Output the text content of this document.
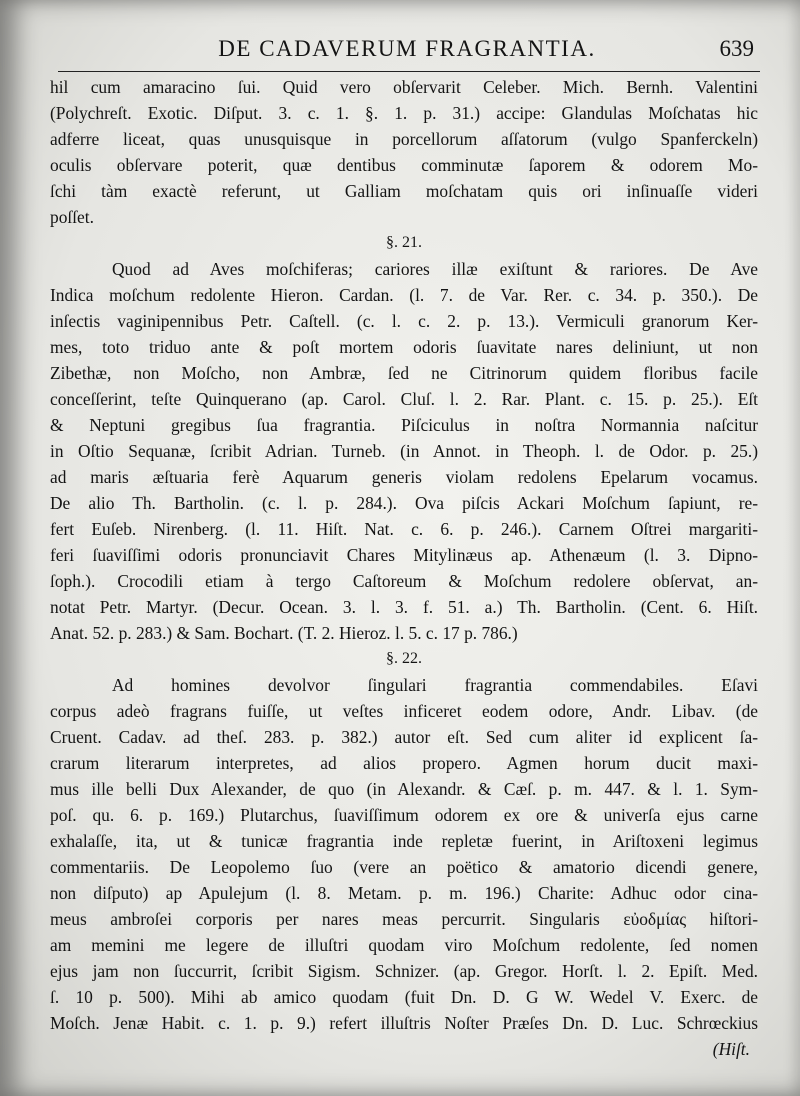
DE CADAVERUM FRAGRANTIA.	639
hil cum amaracino ſui. Quid vero obſervarit Celeber. Mich. Bernh. Valentini
(Polychreſt. Exotic. Diſput. 3. c. 1. §. 1. p. 31.) accipe: Glandulas Moſchatas hic
adferre liceat, quas unusquisque in porcellorum aſſatorum (vulgo Spanferckeln)
oculis obſervare poterit, quæ dentibus comminutæ ſaporem & odorem Mo-
ſchi tàm exactè referunt, ut Galliam moſchatam quis ori inſinuaſſe videri
poſſet.
§. 21.
Quod ad Aves moſchiferas; cariores illæ exiſtunt & rariores. De Ave
Indica moſchum redolente Hieron. Cardan. (l. 7. de Var. Rer. c. 34. p. 350.). De
inſectis vaginipennibus Petr. Caſtell. (c. l. c. 2. p. 13.). Vermiculi granorum Ker-
mes, toto triduo ante & poſt mortem odoris ſuavitate nares deliniunt, ut non
Zibethæ, non Moſcho, non Ambræ, ſed ne Citrinorum quidem floribus facile
conceſſerint, teſte Quinquerano (ap. Carol. Cluſ. l. 2. Rar. Plant. c. 15. p. 25.). Eſt
& Neptuni gregibus ſua fragrantia. Piſciculus in noſtra Normannia naſcitur
in Oſtio Sequanæ, ſcribit Adrian. Turneb. (in Annot. in Theoph. l. de Odor. p. 25.)
ad maris æſtuaria ferè Aquarum generis violam redolens Epelarum vocamus.
De alio Th. Bartholin. (c. l. p. 284.). Ova piſcis Ackari Moſchum ſapiunt, re-
fert Euſeb. Nirenberg. (l. 11. Hiſt. Nat. c. 6. p. 246.). Carnem Oſtrei margariti-
feri ſuaviſſimi odoris pronunciavit Chares Mitylinæus ap. Athenæum (l. 3. Dipno-
ſoph.). Crocodili etiam à tergo Caſtoreum & Moſchum redolere obſervat, an-
notat Petr. Martyr. (Decur. Ocean. 3. l. 3. f. 51. a.) Th. Bartholin. (Cent. 6. Hiſt.
Anat. 52. p. 283.) & Sam. Bochart. (T. 2. Hieroz. l. 5. c. 17 p. 786.)
§. 22.
Ad homines devolvor ſingulari fragrantia commendabiles. Eſavi
corpus adeò fragrans fuiſſe, ut veſtes inficeret eodem odore, Andr. Libav. (de
Cruent. Cadav. ad theſ. 283. p. 382.) autor eſt. Sed cum aliter id explicent ſa-
crarum literarum interpretes, ad alios propero. Agmen horum ducit maxi-
mus ille belli Dux Alexander, de quo (in Alexandr. & Cæſ. p. m. 447. & l. 1. Sym-
poſ. qu. 6. p. 169.) Plutarchus, ſuaviſſimum odorem ex ore & univerſa ejus carne
exhalaſſe, ita, ut & tunicæ fragrantia inde repletæ fuerint, in Ariſtoxeni legimus
commentariis. De Leopolemo ſuo (vere an poëtico & amatorio dicendi genere,
non diſputo) ap Apulejum (l. 8. Metam. p. m. 196.) Charite: Adhuc odor cina-
meus ambroſei corporis per nares meas percurrit. Singularis εὐοδμίας hiſtori-
am memini me legere de illuſtri quodam viro Moſchum redolente, ſed nomen
ejus jam non ſuccurrit, ſcribit Sigism. Schnizer. (ap. Gregor. Horſt. l. 2. Epiſt. Med.
ſ. 10 p. 500). Mihi ab amico quodam (fuit Dn. D. G W. Wedel V. Exerc. de
Moſch. Jenæ Habit. c. 1. p. 9.) refert illuſtris Noſter Præſes Dn. D. Luc. Schrœckius
(Hiſt.
